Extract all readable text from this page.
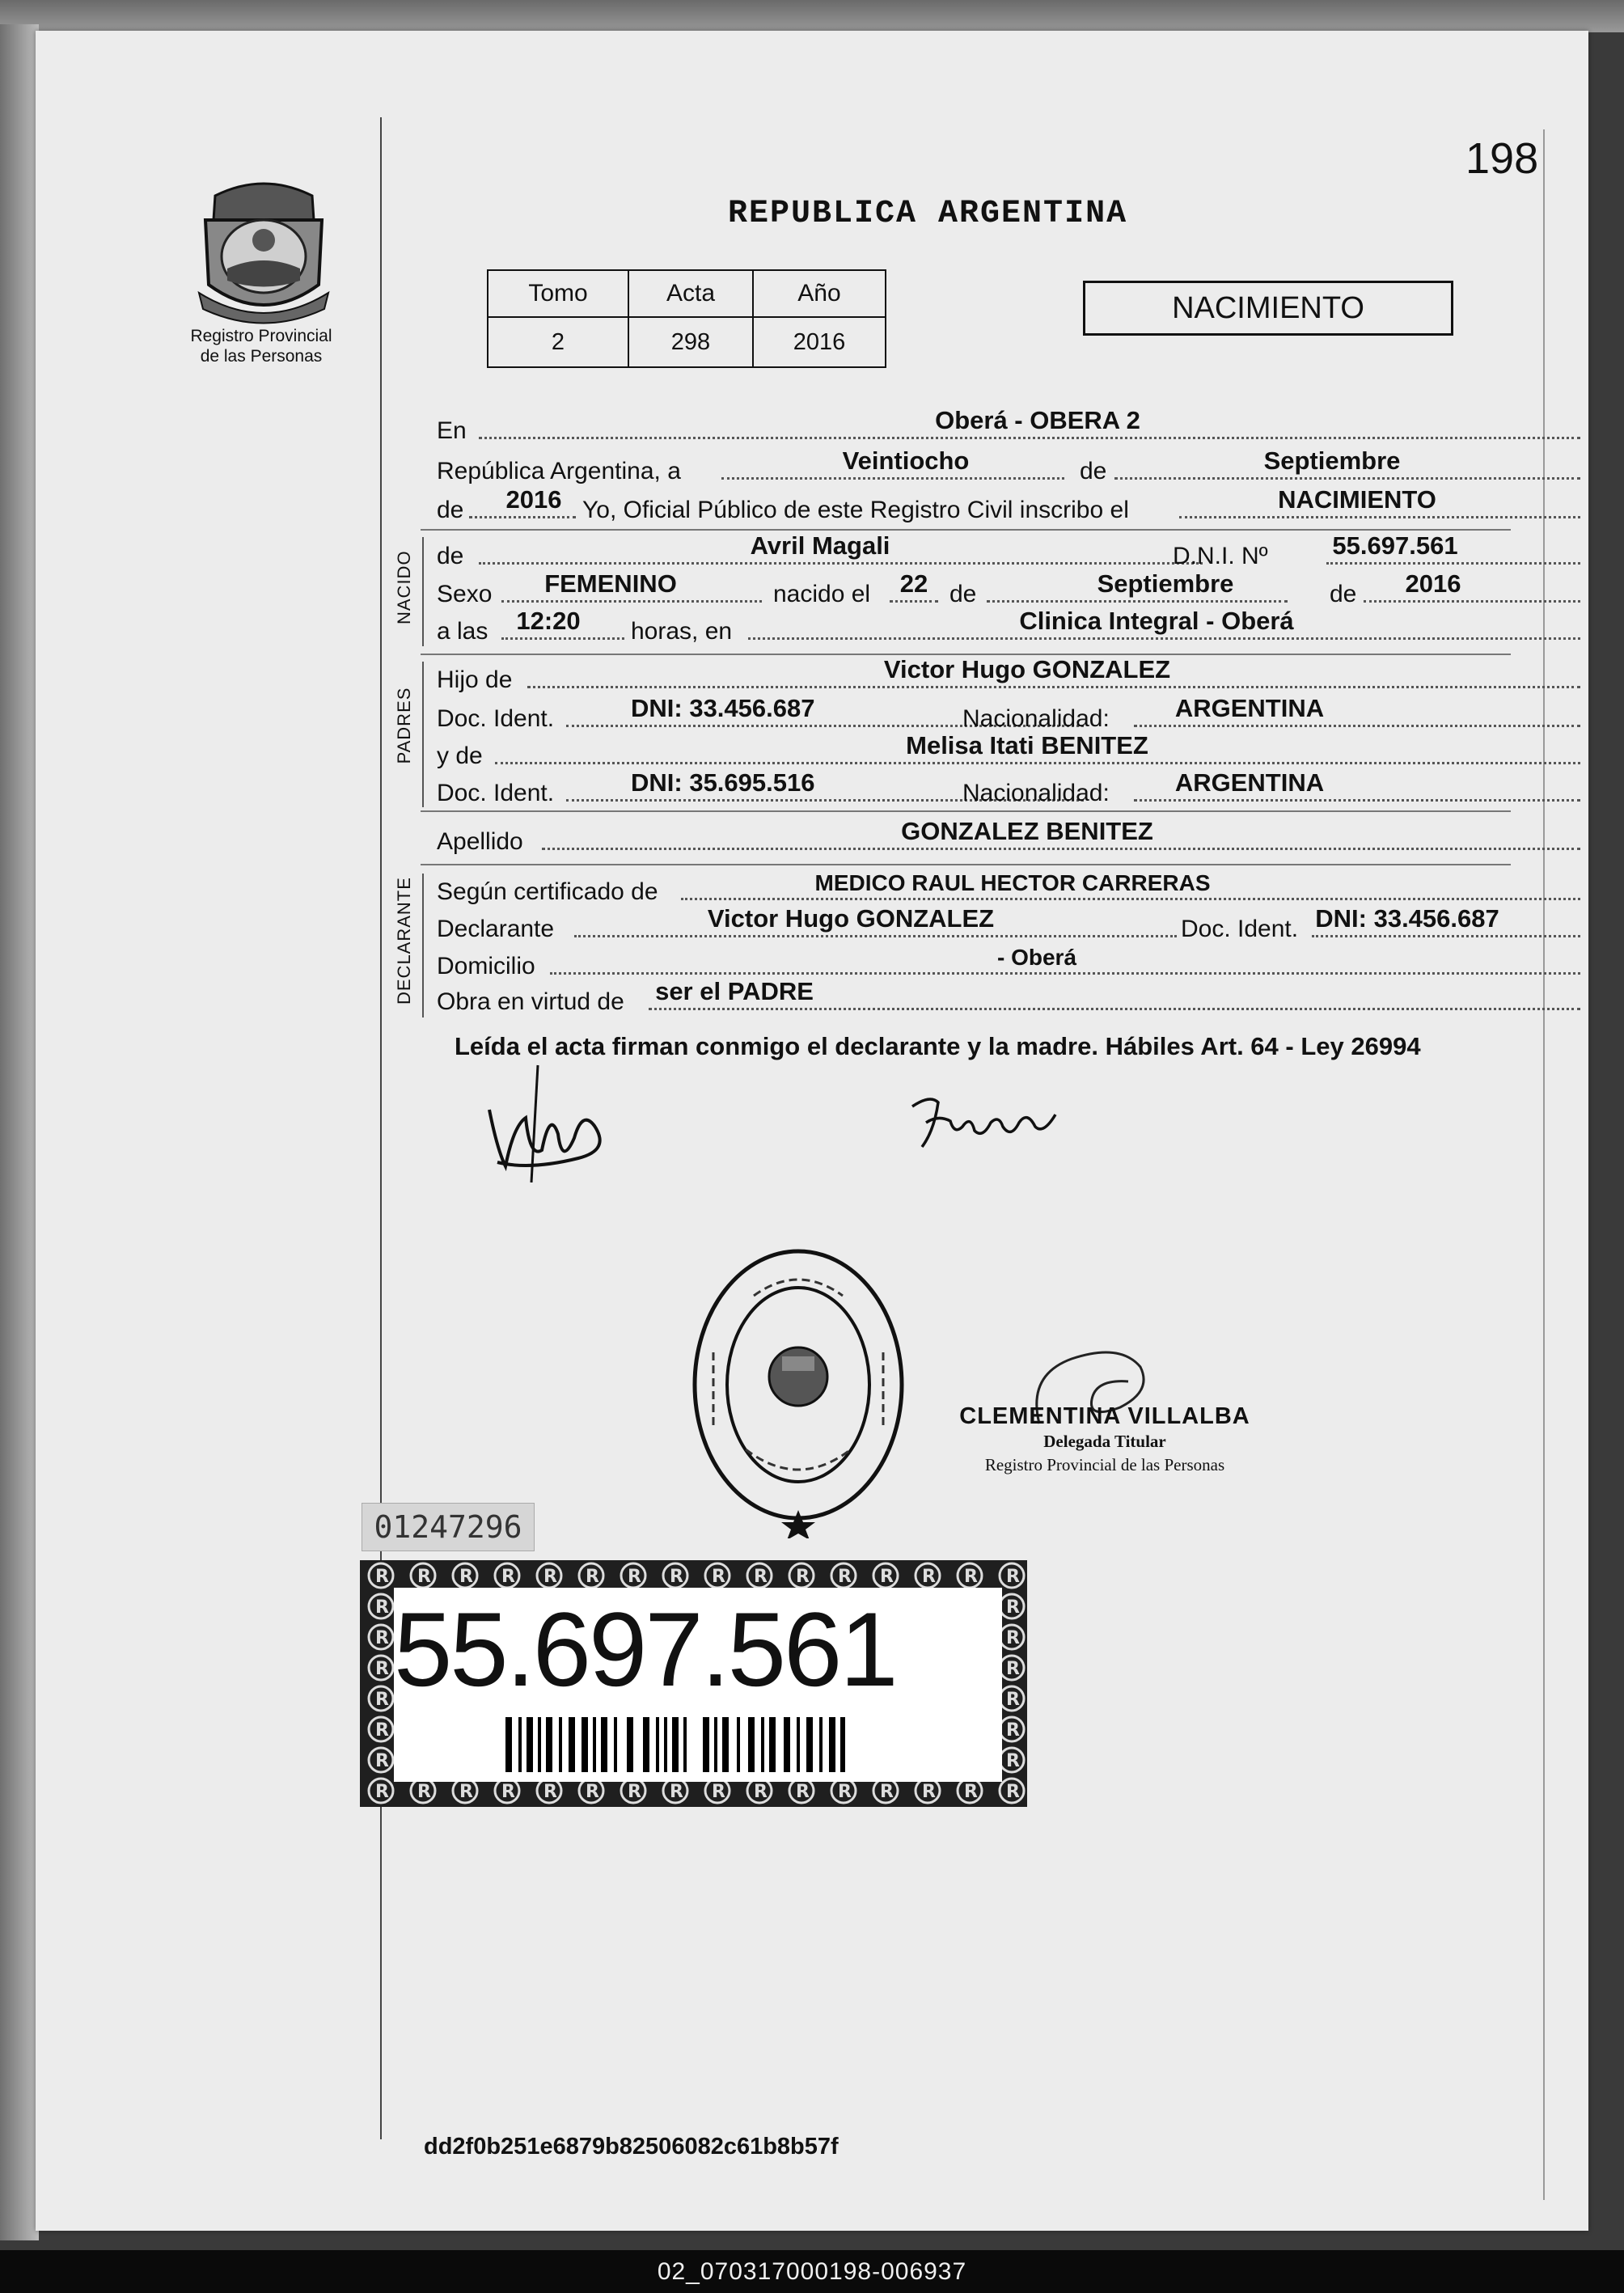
198
Registro Provincial
de las Personas
REPUBLICA ARGENTINA
Tomo	Acta	Año
2	298	2016
NACIMIENTO
En	Oberá - OBERA 2
República Argentina, a	Veintiocho	de	Septiembre
de 2016 Yo, Oficial Público de este Registro Civil inscribo el	NACIMIENTO
NACIDO de	Avril Magali	D.N.I. Nº	55.697.561
Sexo FEMENINO	nacido el 22 de	Septiembre	de 2016
a las 12:20 horas, en	Clinica Integral - Oberá
PADRES
Hijo de	Victor Hugo GONZALEZ
Doc. Ident.	DNI: 33.456.687	Nacionalidad:	ARGENTINA
y de	Melisa Itati BENITEZ
Doc. Ident.	DNI: 35.695.516	Nacionalidad:	ARGENTINA
Apellido	GONZALEZ BENITEZ
DECLARANTE Según certificado de	MEDICO RAUL HECTOR CARRERAS
Declarante	Victor Hugo GONZALEZ	Doc. Ident. DNI: 33.456.687
Domicilio	- Oberá
Obra en virtud de ser el PADRE
Leída el acta firman conmigo el declarante y la madre. Hábiles Art. 64 - Ley 26994
CLEMENTINA VILLALBA
Delegada Titular
Registro Provincial de las Personas
01247296
55.697.561
dd2f0b251e6879b82506082c61b8b57f
02_070317000198-006937
